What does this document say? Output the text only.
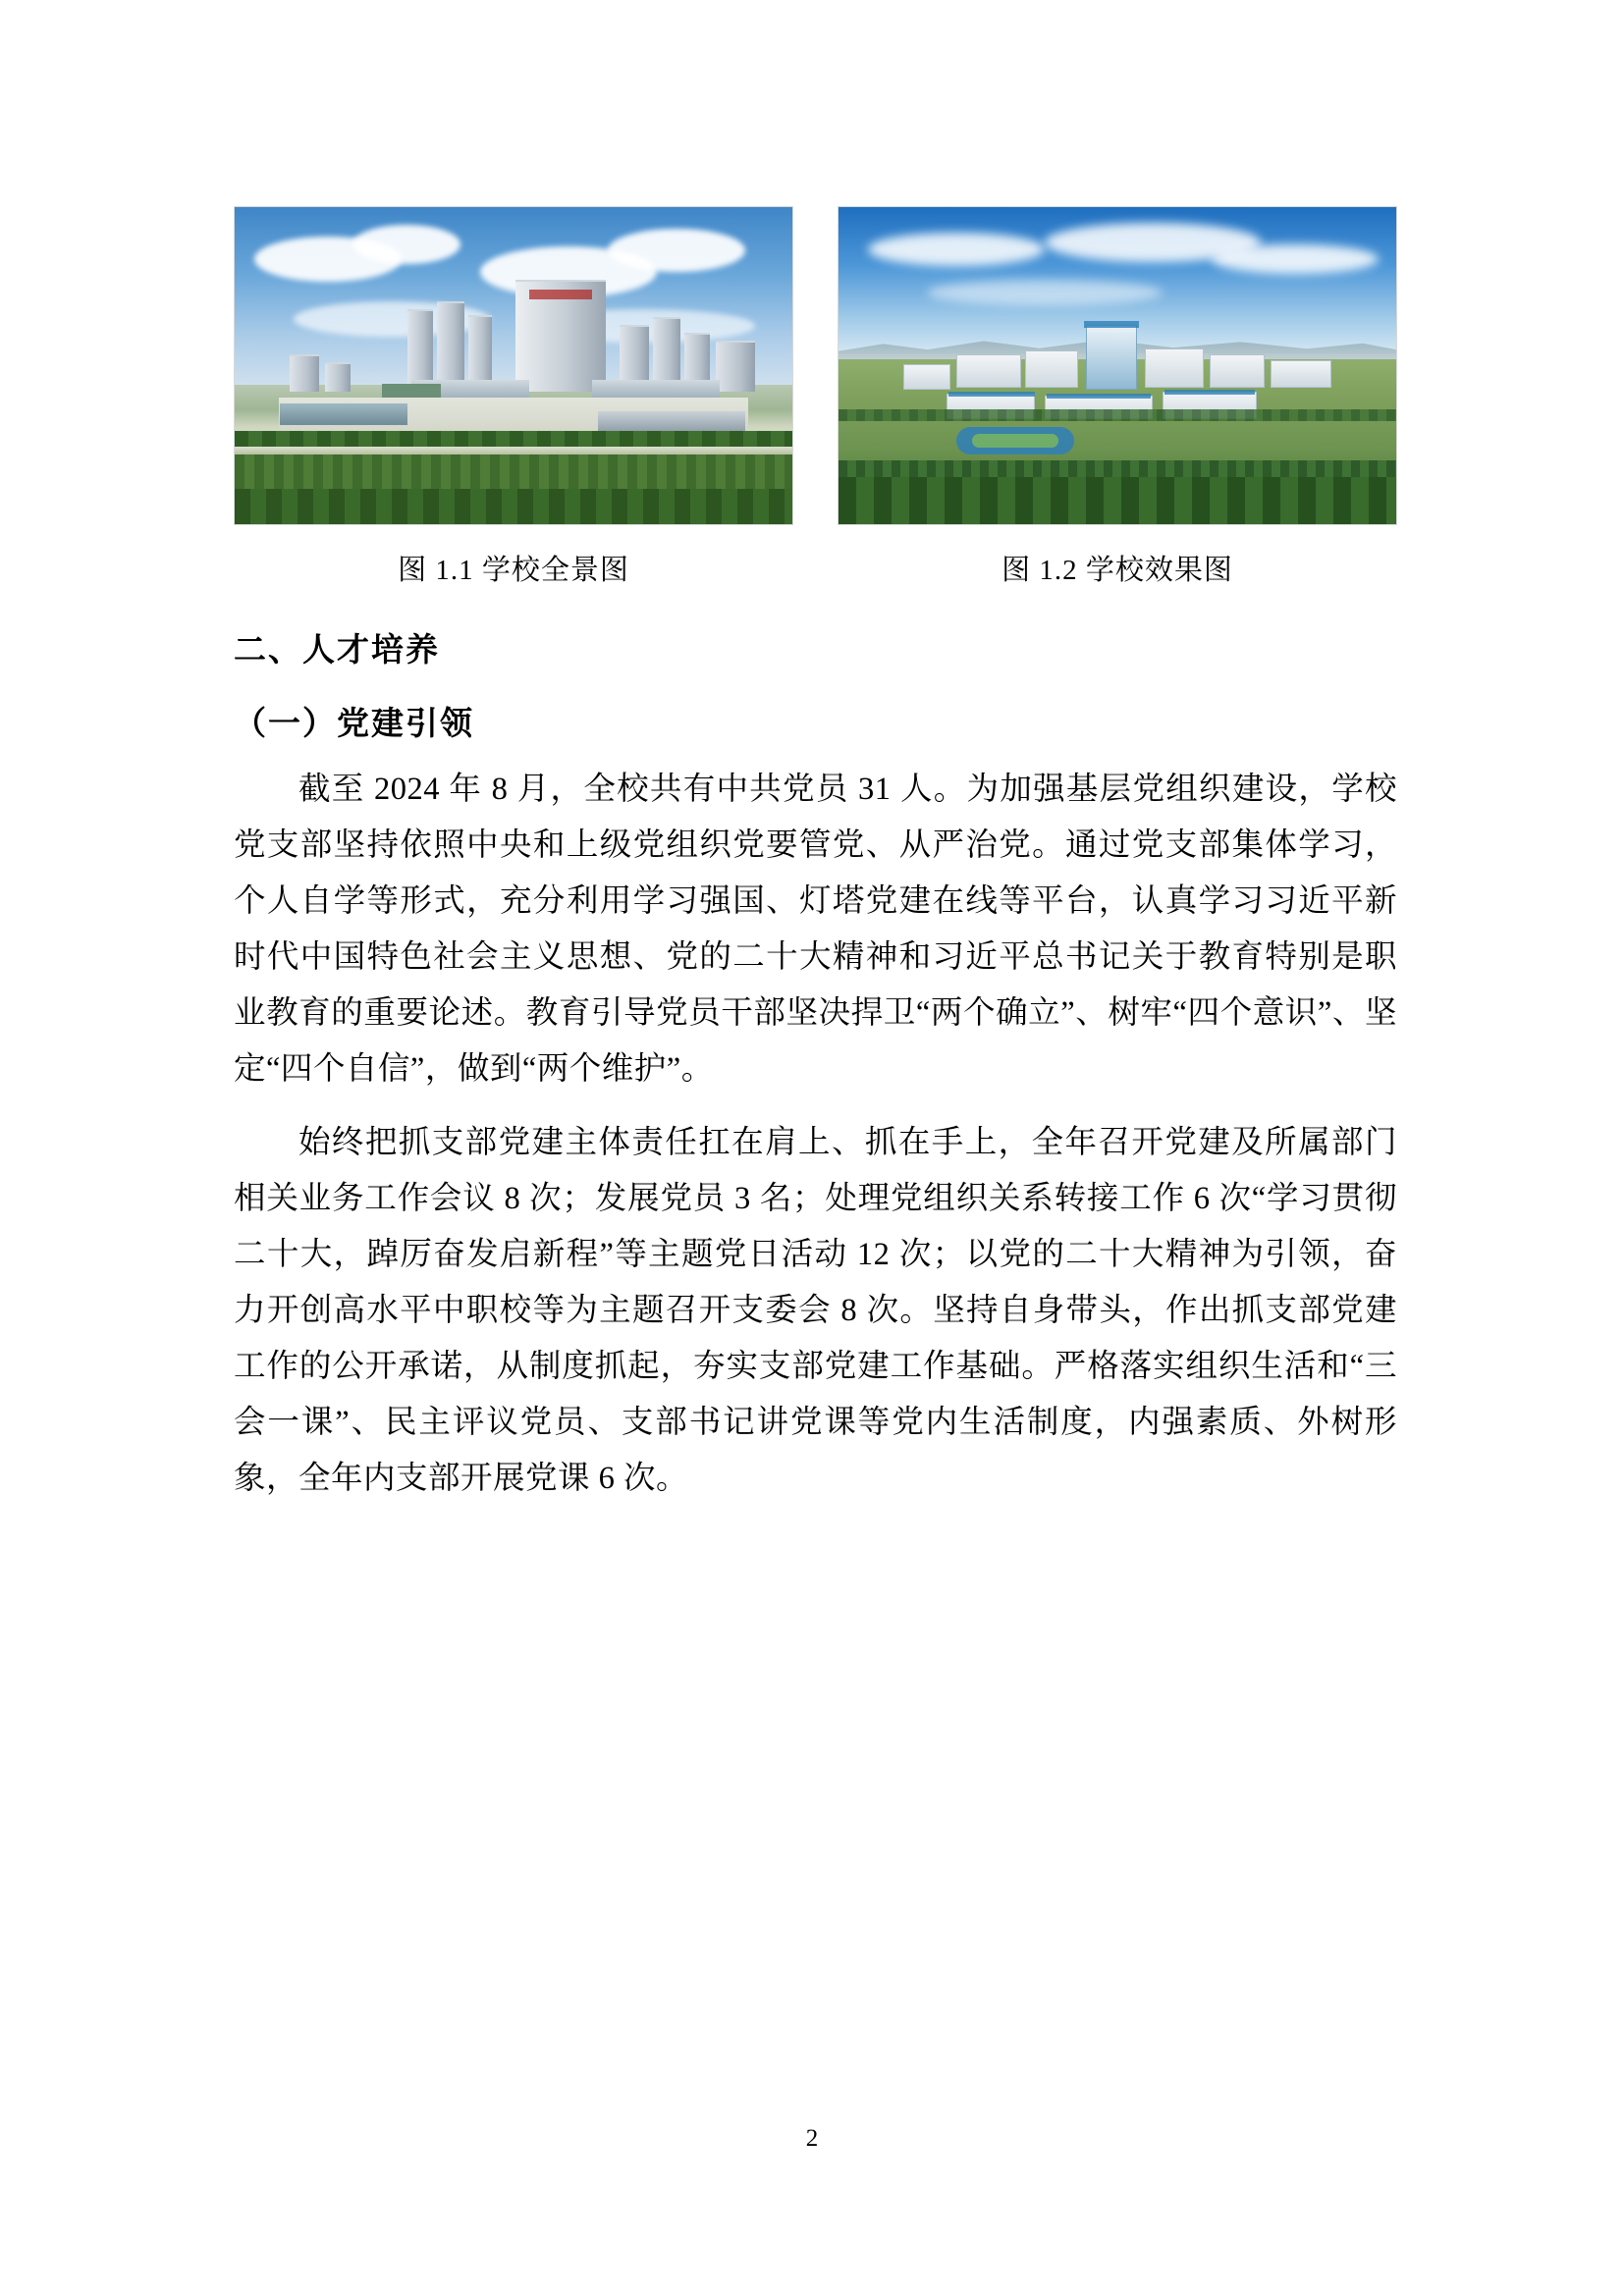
图 1.1 学校全景图	图 1.2 学校效果图
二、人才培养
（一）党建引领

截至 2024 年 8 月，全校共有中共党员 31 人。为加强基层党组织建设，学校党支部坚持依照中央和上级党组织党要管党、从严治党。通过党支部集体学习，个人自学等形式，充分利用学习强国、灯塔党建在线等平台，认真学习习近平新时代中国特色社会主义思想、党的二十大精神和习近平总书记关于教育特别是职业教育的重要论述。教育引导党员干部坚决捍卫“两个确立”、树牢“四个意识”、坚定“四个自信”，做到“两个维护”。

始终把抓支部党建主体责任扛在肩上、抓在手上，全年召开党建及所属部门相关业务工作会议 8 次；发展党员 3 名；处理党组织关系转接工作 6 次“学习贯彻二十大，踔厉奋发启新程”等主题党日活动 12 次；以党的二十大精神为引领，奋力开创高水平中职校等为主题召开支委会 8 次。坚持自身带头，作出抓支部党建工作的公开承诺，从制度抓起，夯实支部党建工作基础。严格落实组织生活和“三会一课”、民主评议党员、支部书记讲党课等党内生活制度，内强素质、外树形象，全年内支部开展党课 6 次。

2
